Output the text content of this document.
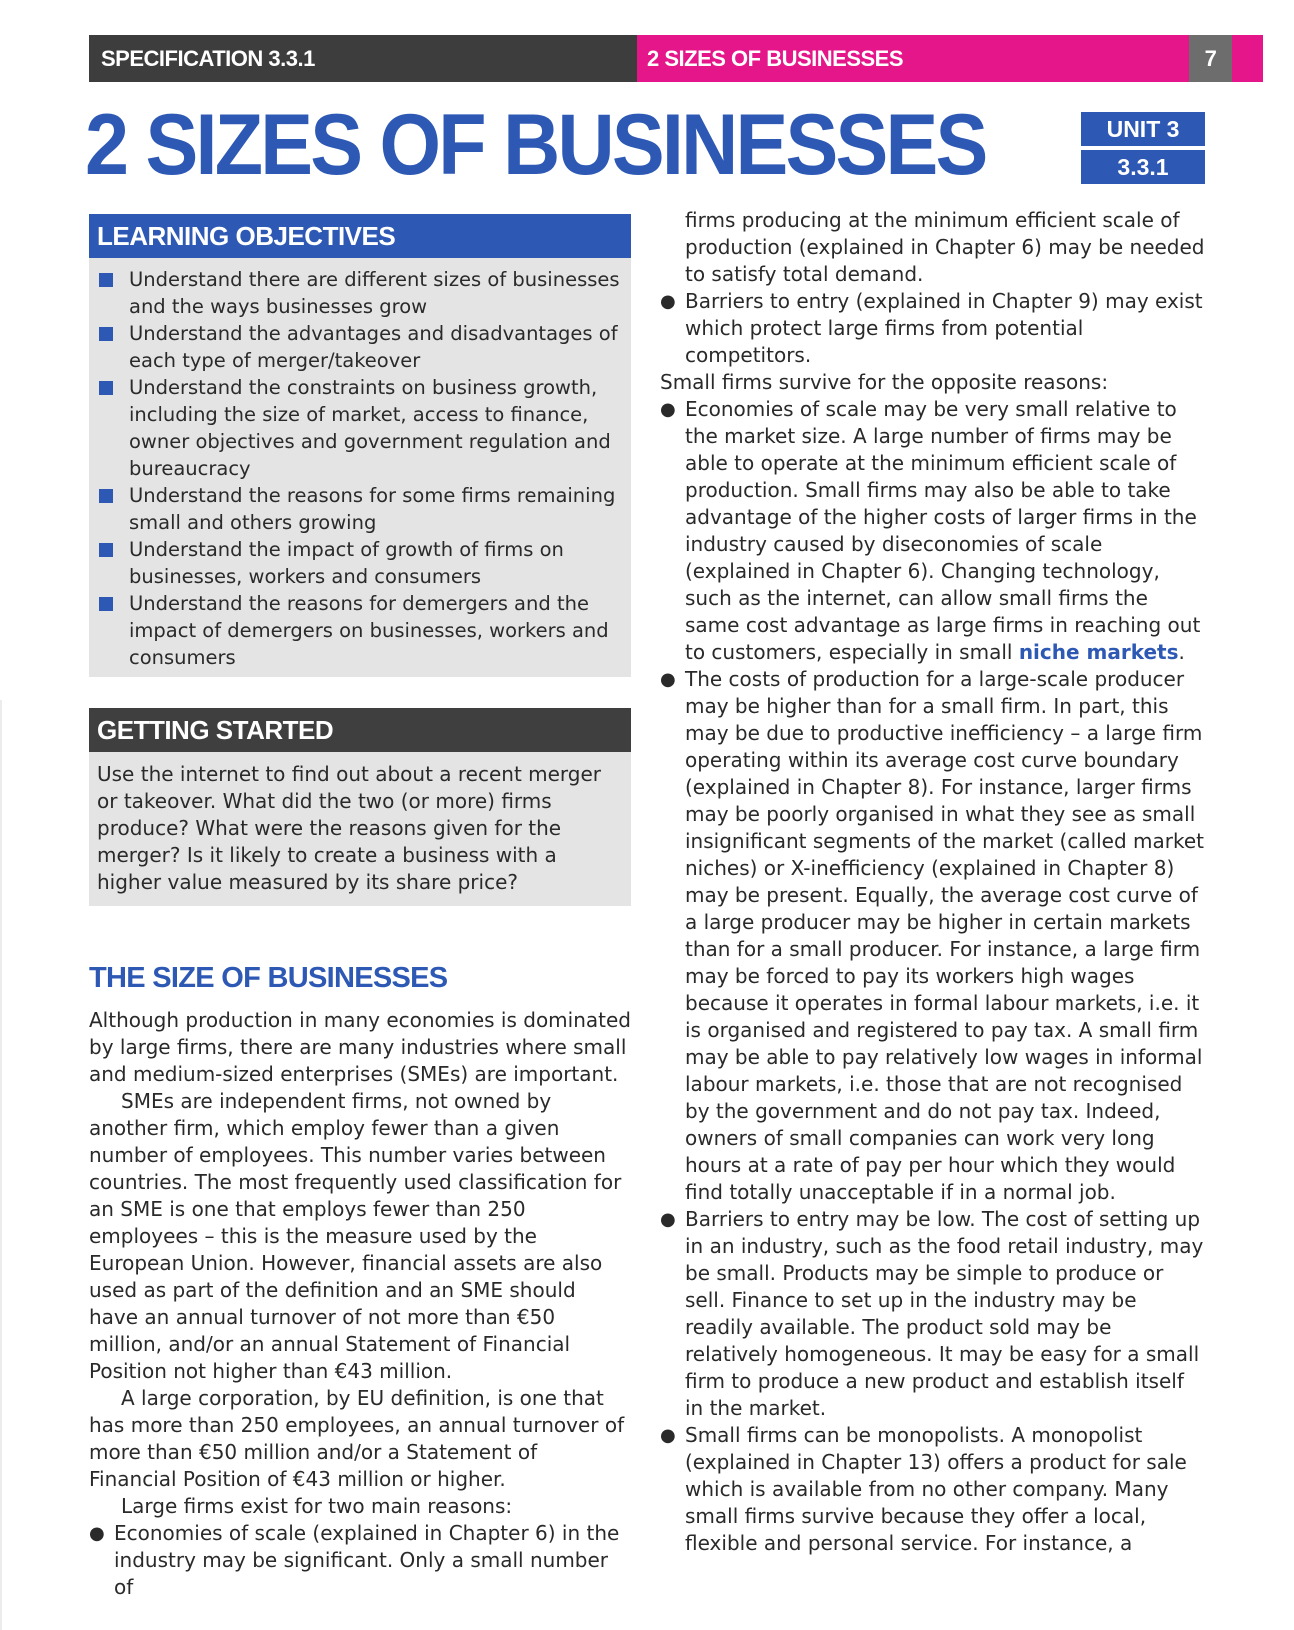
SPECIFICATION 3.3.1	2 SIZES OF BUSINESSES	7
2 SIZES OF BUSINESSES	UNIT 3
3.3.1
LEARNING OBJECTIVES
Understand there are different sizes of businesses and the ways businesses grow
Understand the advantages and disadvantages of each type of merger/takeover
Understand the constraints on business growth, including the size of market, access to finance, owner objectives and government regulation and bureaucracy
Understand the reasons for some firms remaining small and others growing
Understand the impact of growth of firms on businesses, workers and consumers
Understand the reasons for demergers and the impact of demergers on businesses, workers and consumers
GETTING STARTED
Use the internet to find out about a recent merger or takeover. What did the two (or more) firms produce? What were the reasons given for the merger? Is it likely to create a business with a higher value measured by its share price?
THE SIZE OF BUSINESSES

Although production in many economies is dominated by large firms, there are many industries where small and medium-sized enterprises (SMEs) are important.

SMEs are independent firms, not owned by another firm, which employ fewer than a given number of employees. This number varies between countries. The most frequently used classification for an SME is one that employs fewer than 250 employees – this is the measure used by the European Union. However, financial assets are also used as part of the definition and an SME should have an annual turnover of not more than €50 million, and/or an annual Statement of Financial Position not higher than €43 million.

A large corporation, by EU definition, is one that has more than 250 employees, an annual turnover of more than €50 million and/or a Statement of Financial Position of €43 million or higher.

Large firms exist for two main reasons:

● Economies of scale (explained in Chapter 6) in the industry may be significant. Only a small number of

firms producing at the minimum efficient scale of production (explained in Chapter 6) may be needed to satisfy total demand.

● Barriers to entry (explained in Chapter 9) may exist which protect large firms from potential competitors.

Small firms survive for the opposite reasons:

● Economies of scale may be very small relative to the market size. A large number of firms may be able to operate at the minimum efficient scale of production. Small firms may also be able to take advantage of the higher costs of larger firms in the industry caused by diseconomies of scale (explained in Chapter 6). Changing technology, such as the internet, can allow small firms the same cost advantage as large firms in reaching out to customers, especially in small niche markets.
● The costs of production for a large-scale producer may be higher than for a small firm. In part, this may be due to productive inefficiency – a large firm operating within its average cost curve boundary (explained in Chapter 8). For instance, larger firms may be poorly organised in what they see as small insignificant segments of the market (called market niches) or X-inefficiency (explained in Chapter 8) may be present. Equally, the average cost curve of a large producer may be higher in certain markets than for a small producer. For instance, a large firm may be forced to pay its workers high wages because it operates in formal labour markets, i.e. it is organised and registered to pay tax. A small firm may be able to pay relatively low wages in informal labour markets, i.e. those that are not recognised by the government and do not pay tax. Indeed, owners of small companies can work very long hours at a rate of pay per hour which they would find totally unacceptable if in a normal job.
● Barriers to entry may be low. The cost of setting up in an industry, such as the food retail industry, may be small. Products may be simple to produce or sell. Finance to set up in the industry may be readily available. The product sold may be relatively homogeneous. It may be easy for a small firm to produce a new product and establish itself in the market.
● Small firms can be monopolists. A monopolist (explained in Chapter 13) offers a product for sale which is available from no other company. Many small firms survive because they offer a local, flexible and personal service. For instance, a
